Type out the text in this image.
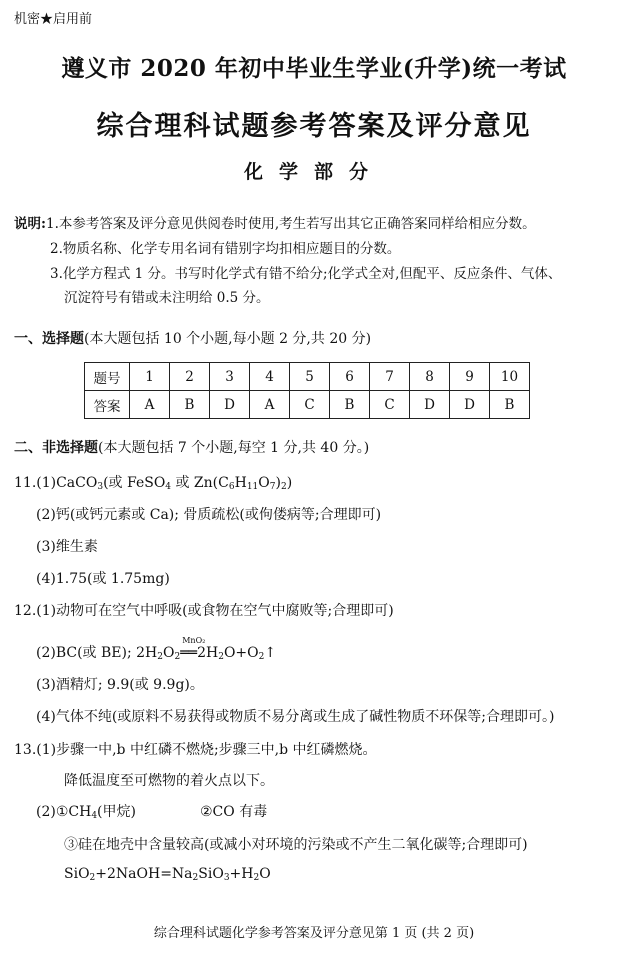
机密★启用前
遵义市 2020 年初中毕业生学业(升学)统一考试
综合理科试题参考答案及评分意见
化学部分
说明:1.本参考答案及评分意见供阅卷时使用,考生若写出其它正确答案同样给相应分数。
2.物质名称、化学专用名词有错别字均扣相应题目的分数。
3.化学方程式 1 分。书写时化学式有错不给分;化学式全对,但配平、反应条件、气体、
沉淀符号有错或未注明给 0.5 分。
一、选择题(本大题包括 10 个小题,每小题 2 分,共 20 分)
题号	1	2	3	4	5	6	7	8	9	10
答案	A	B	D	A	C	B	C	D	D	B
二、非选择题(本大题包括 7 个小题,每空 1 分,共 40 分。)
11.(1)CaCO$_3$(或 FeSO$_4$ 或 $Zn(C_6H_{11}O_7)_2$)
(2)钙(或钙元素或 Ca); 骨质疏松(或佝偻病等;合理即可)
(3)维生素
(4)1.75(或 1.75mg)
12.(1)动物可在空气中呼吸(或食物在空气中腐败等;合理即可)
(2)BC(或 BE); $2H_2O_2$
MnO₂
$══2H_2O+O_2↑$
(3)酒精灯; 9.9(或 9.9g)。
(4)气体不纯(或原料不易获得或物质不易分离或生成了碱性物质不环保等;合理即可。)
13.(1)步骤一中,b 中红磷不燃烧;步骤三中,b 中红磷燃烧。
降低温度至可燃物的着火点以下。
$(2)①CH_4$(甲烷)	②CO 有毒
③硅在地壳中含量较高(或减小对环境的污染或不产生二氧化碳等;合理即可)
$SiO_2+2NaOH=Na_2SiO_3+H_2O$
综合理科试题化学参考答案及评分意见第 1 页 (共 2 页)
